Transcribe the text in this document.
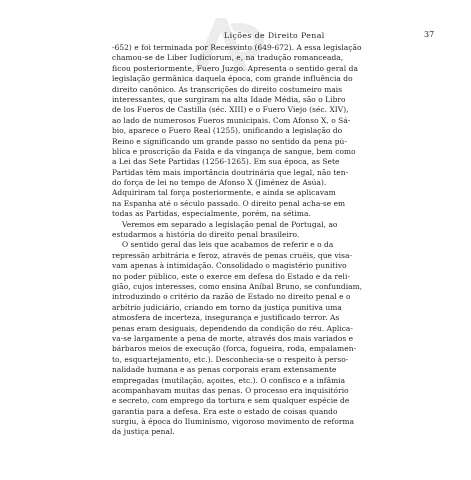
Lições de Direito Penal	37
-652) e foi terminada por Recesvinto (649-672). A essa legislação
chamou-se de Liber Iudiciorum, e, na tradução romanceada,
ficou posteriormente, Fuero Juzgo. Apresenta o sentido geral da
legislação germânica daquela época, com grande influência do
direito canônico. As transcrições do direito costumeiro mais
interessantes, que surgiram na alta Idade Média, são o Libro
de los Fueros de Castilla (séc. XIII) e o Fuero Viejo (séc. XIV),
ao lado de numerosos Fueros municipais. Com Afonso X, o Sá-
bio, aparece o Fuero Real (1255), unificando a legislação do
Reino e significando um grande passo no sentido da pena pú-
blica e proscrição da Faida e da vingança de sangue, bem como
a Lei das Sete Partidas (1256-1265). Em sua época, as Sete
Partidas têm mais importância doutrinária que legal, não ten-
do força de lei no tempo de Afonso X (Jiménez de Asúa).
Adquiriram tal força posteriormente, e ainda se aplicavam
na Espanha até o século passado. O direito penal acha-se em
todas as Partidas, especialmente, porém, na sétima.
Veremos em separado a legislação penal de Portugal, ao
estudarmos a história do direito penal brasileiro.
O sentido geral das leis que acabamos de referir e o da
repressão arbitrária e feroz, através de penas cruéis, que visa-
vam apenas à intimidação. Consolidado o magistério punitivo
no poder público, este o exerce em defesa do Estado e da reli-
gião, cujos interesses, como ensina Aníbal Bruno, se confundiam,
introduzindo o critério da razão de Estado no direito penal e o
arbítrio judiciário, criando em torno da justiça punitiva uma
atmosfera de incerteza, insegurança e justificado terror. As
penas eram desiguais, dependendo da condição do réu. Aplica-
va-se largamente a pena de morte, através dos mais variados e
bárbaros meios de execução (forca, fogueira, roda, empalamen-
to, esquartejamento, etc.). Desconhecia-se o respeito à perso-
nalidade humana e as penas corporais eram extensamente
empregadas (mutilação, açoites, etc.). O confisco e a infâmia
acompanhavam muitas das penas. O processo era inquisitório
e secreto, com emprego da tortura e sem qualquer espécie de
garantia para a defesa. Era este o estado de coisas quando
surgiu, à época do Iluminismo, vigoroso movimento de reforma
da justiça penal.
